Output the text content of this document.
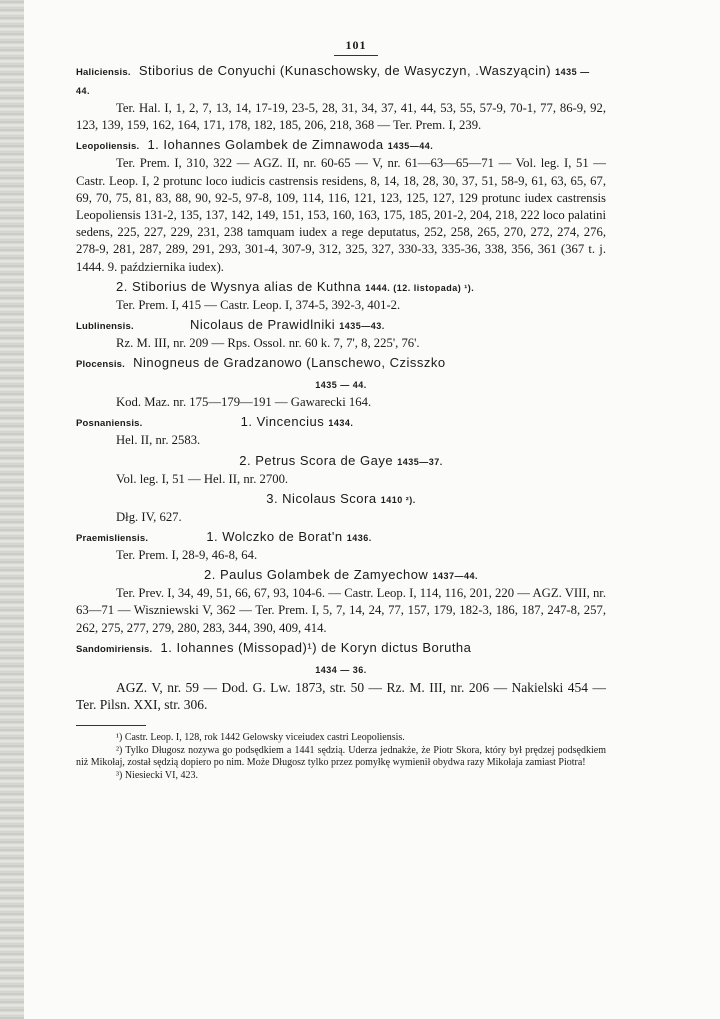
101

Haliciensis. Stiborius de Conyuchi (Kunaschowsky, de Wasyczyn, .Waszyącin) 1435 — 44.

Ter. Hal. I, 1, 2, 7, 13, 14, 17-19, 23-5, 28, 31, 34, 37, 41, 44, 53, 55, 57-9, 70-1, 77, 86-9, 92, 123, 139, 159, 162, 164, 171, 178, 182, 185, 206, 218, 368 — Ter. Prem. I, 239.

Leopoliensis. 1. Iohannes Golambek de Zimnawoda 1435—44.

Ter. Prem. I, 310, 322 — AGZ. II, nr. 60-65 — V, nr. 61—63—65—71 — Vol. leg. I, 51 — Castr. Leop. I, 2 protunc loco iudicis castrensis residens, 8, 14, 18, 28, 30, 37, 51, 58-9, 61, 63, 65, 67, 69, 70, 75, 81, 83, 88, 90, 92-5, 97-8, 109, 114, 116, 121, 123, 125, 127, 129 protunc iudex castrensis Leopoliensis 131-2, 135, 137, 142, 149, 151, 153, 160, 163, 175, 185, 201-2, 204, 218, 222 loco palatini sedens, 225, 227, 229, 231, 238 tamquam iudex a rege deputatus, 252, 258, 265, 270, 272, 274, 276, 278-9, 281, 287, 289, 291, 293, 301-4, 307-9, 312, 325, 327, 330-33, 335-36, 338, 356, 361 (367 t. j. 1444. 9. października iudex).

2. Stiborius de Wysnya alias de Kuthna 1444. (12. listopada) ¹).

Ter. Prem. I, 415 — Castr. Leop. I, 374-5, 392-3, 401-2.

Lublinensis.	Nicolaus de Prawidlniki 1435—43.

Rz. M. III, nr. 209 — Rps. Ossol. nr. 60 k. 7, 7', 8, 225', 76'.

Plocensis. Ninogneus de Gradzanowo (Lanschewo, Czisszko

1435 — 44.

Kod. Maz. nr. 175—179—191 — Gawarecki 164.

Posnaniensis.	1. Vincencius 1434.

Hel. II, nr. 2583.

2. Petrus Scora de Gaye 1435—37.

Vol. leg. I, 51 — Hel. II, nr. 2700.

3. Nicolaus Scora 1410 ²).

Dłg. IV, 627.

Praemisliensis.	1. Wolczko de Borat'n 1436.

Ter. Prem. I, 28-9, 46-8, 64.

2. Paulus Golambek de Zamyechow 1437—44.

Ter. Prev. I, 34, 49, 51, 66, 67, 93, 104-6. — Castr. Leop. I, 114, 116, 201, 220 — AGZ. VIII, nr. 63—71 — Wiszniewski V, 362 — Ter. Prem. I, 5, 7, 14, 24, 77, 157, 179, 182-3, 186, 187, 247-8, 257, 262, 275, 277, 279, 280, 283, 344, 390, 409, 414.

Sandomiriensis. 1. Iohannes (Missopad)¹) de Koryn dictus Borutha

1434 — 36.

AGZ. V, nr. 59 — Dod. G. Lw. 1873, str. 50 — Rz. M. III, nr. 206 — Nakielski 454 — Ter. Pilsn. XXI, str. 306.

¹) Castr. Leop. I, 128, rok 1442 Gelowsky viceiudex castri Leopoliensis.

²) Tylko Długosz nozywa go podsędkiem a 1441 sędzią. Uderza jednakże, że Piotr Skora, który był prędzej podsędkiem niż Mikołaj, został sędzią dopiero po nim. Może Długosz tylko przez pomyłkę wymienił obydwa razy Mikołaja zamiast Piotra!

³) Niesiecki VI, 423.
